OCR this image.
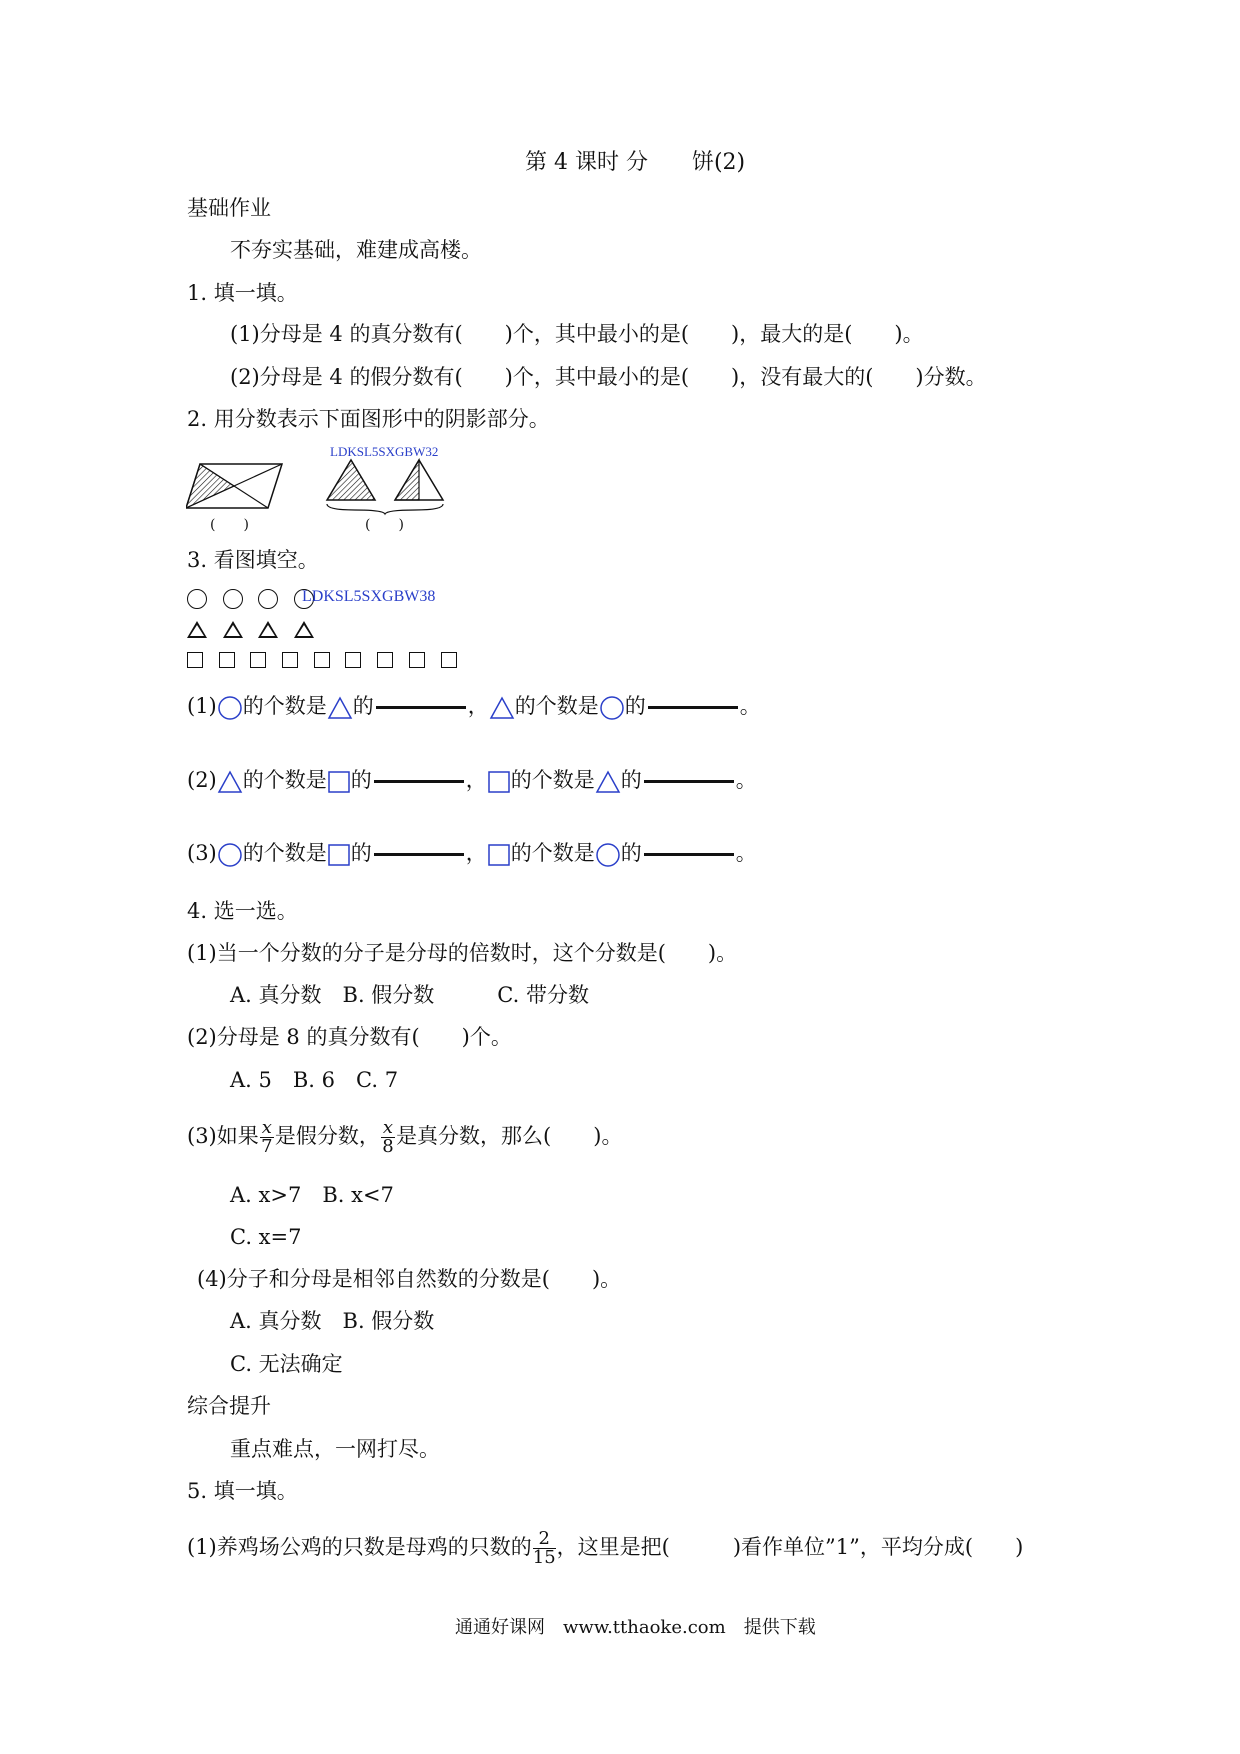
第 4 课时 分　　饼(2)
基础作业
不夯实基础，难建成高楼。
1. 填一填。
(1)分母是 4 的真分数有(　　)个，其中最小的是(　　)，最大的是(　　)。
(2)分母是 4 的假分数有(　　)个，其中最小的是(　　)，没有最大的(　　)分数。
2. 用分数表示下面图形中的阴影部分。
LDKSL5SXGBW32
(　　)	(　　)
3. 看图填空。

LDKSL5SXGBW38

(1) 的个数是 的	， 的个数是 的	。
(2) 的个数是 的	， 的个数是 的	。
(3) 的个数是 的	， 的个数是 的	。
4. 选一选。
(1)当一个分数的分子是分母的倍数时，这个分数是(　　)。
A. 真分数　B. 假分数　　　C. 带分数
(2)分母是 8 的真分数有(　　)个。
A. 5　B. 6　C. 7
(3)如果 $\frac{x}{7}$ 是假分数， $\frac{x}{8}$ 是真分数，那么(　　)。
A. x>7　B. x<7
C. x=7
(4)分子和分母是相邻自然数的分数是(　　)。
A. 真分数　B. 假分数
C. 无法确定
综合提升
重点难点，一网打尽。
5. 填一填。
(1)养鸡场公鸡的只数是母鸡的只数的 $\frac{2}{15}$ ，这里是把(　　　)看作单位”1”，平均分成(　　)
通通好课网　www.tthaoke.com　提供下载
